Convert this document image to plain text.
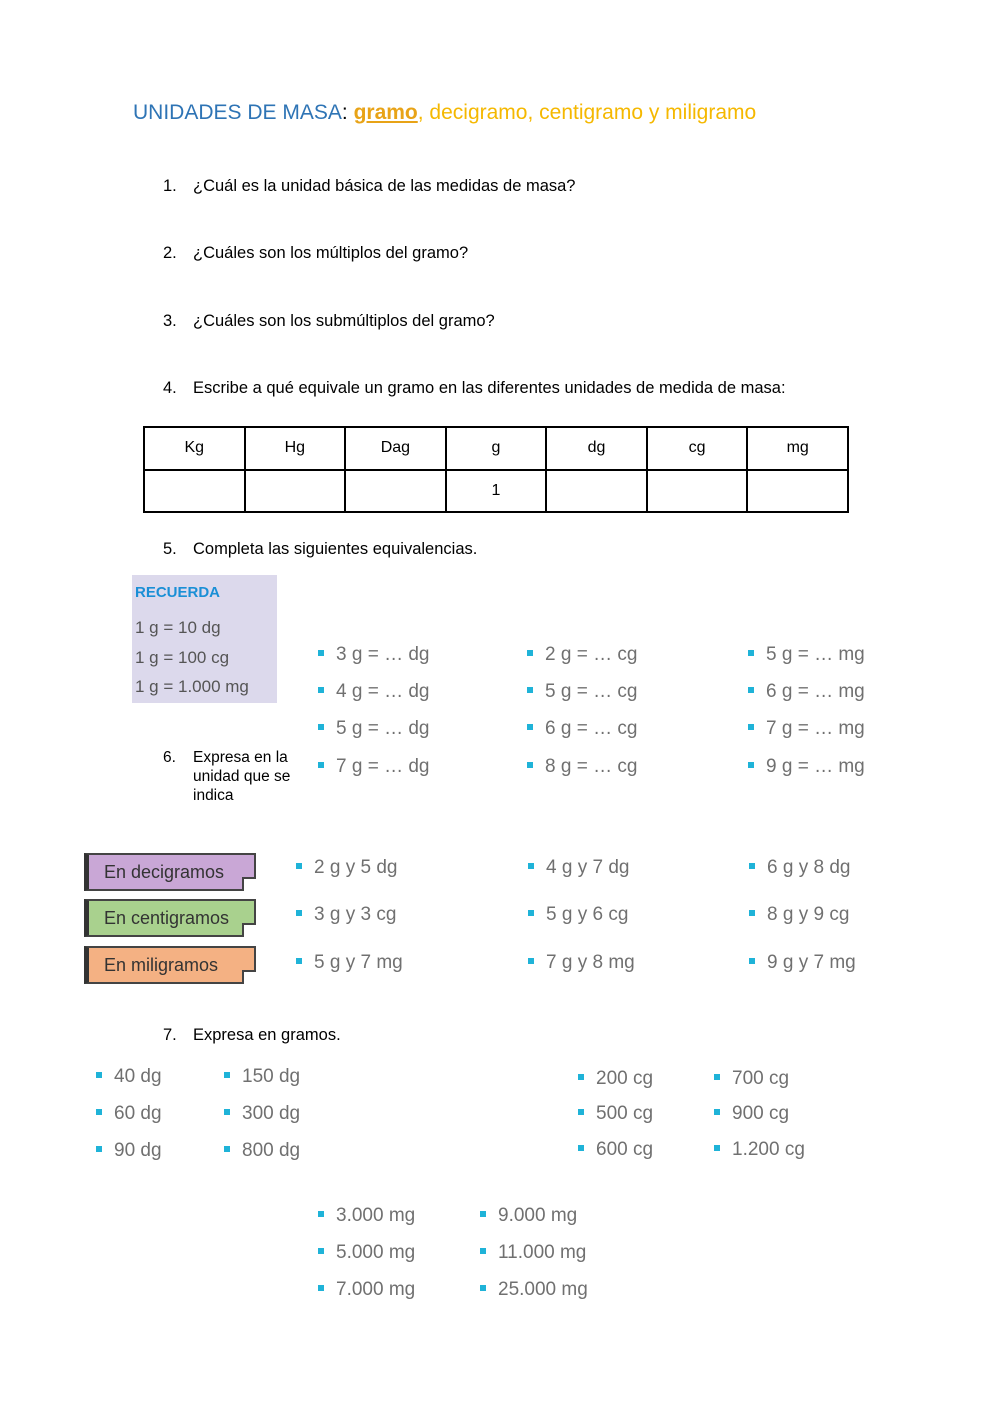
UNIDADES DE MASA: gramo, decigramo, centigramo y miligramo
1. ¿Cuál es la unidad básica de las medidas de masa?
2. ¿Cuáles son los múltiplos del gramo?
3. ¿Cuáles son los submúltiplos del gramo?
4. Escribe a qué equivale un gramo en las diferentes unidades de medida de masa:
Kg	Hg	Dag	g	dg	cg	mg
			1			
5. Completa las siguientes equivalencias.
RECUERDA
1 g = 10 dg
1 g = 100 cg
1 g = 1.000 mg
3 g = … dg	2 g = … cg	5 g = … mg
4 g = … dg	5 g = … cg	6 g = … mg
5 g = … dg	6 g = … cg	7 g = … mg
7 g = … dg	8 g = … cg	9 g = … mg
6. Expresa en la unidad que se indica
En decigramos
En centigramos
En miligramos
2 g y 5 dg	4 g y 7 dg	6 g y 8 dg
3 g y 3 cg	5 g y 6 cg	8 g y 9 cg
5 g y 7 mg	7 g y 8 mg	9 g y 7 mg
7. Expresa en gramos.
40 dg	150 dg
60 dg	300 dg
90 dg	800 dg
200 cg	700 cg
500 cg	900 cg
600 cg	1.200 cg
3.000 mg	9.000 mg
5.000 mg	11.000 mg
7.000 mg	25.000 mg
